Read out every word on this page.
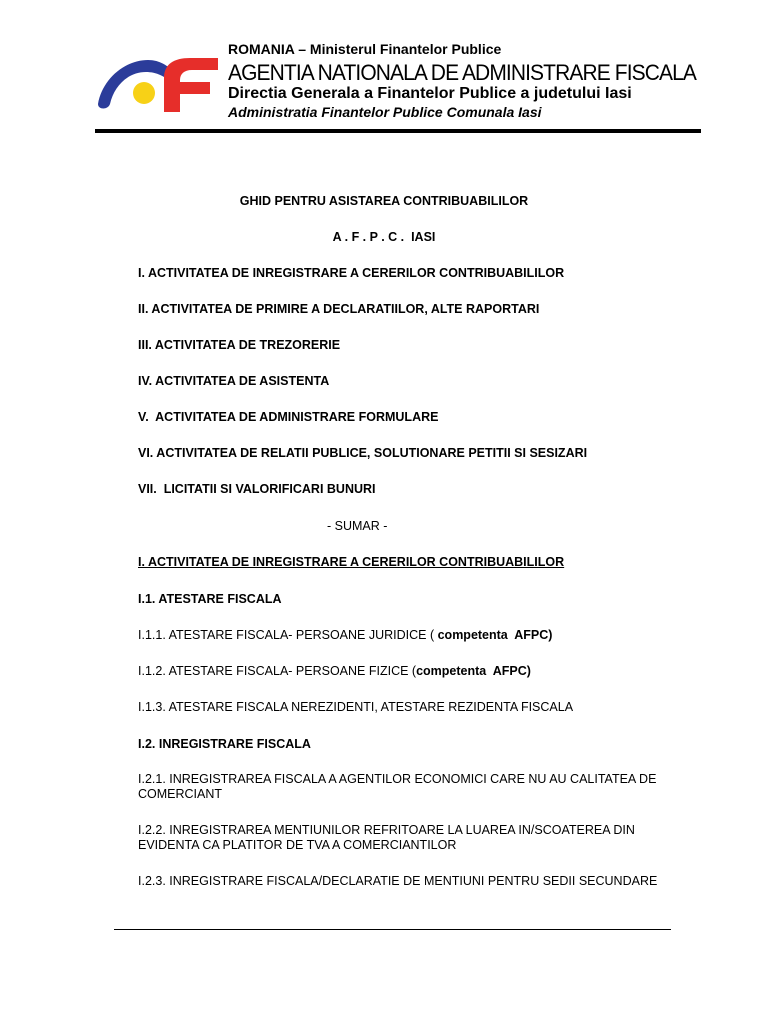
ROMANIA – Ministerul Finantelor Publice
AGENTIA NATIONALA DE ADMINISTRARE FISCALA
Directia Generala a Finantelor Publice a judetului Iasi
Administratia Finantelor Publice Comunala Iasi
GHID PENTRU ASISTAREA CONTRIBUABILILOR
A . F . P . C .  IASI
I. ACTIVITATEA DE INREGISTRARE A CERERILOR CONTRIBUABILILOR
II. ACTIVITATEA DE PRIMIRE A DECLARATIILOR, ALTE RAPORTARI
III. ACTIVITATEA DE TREZORERIE
IV. ACTIVITATEA DE ASISTENTA
V.  ACTIVITATEA DE ADMINISTRARE FORMULARE
VI. ACTIVITATEA DE RELATII PUBLICE, SOLUTIONARE PETITII SI SESIZARI
VII.  LICITATII SI VALORIFICARI BUNURI
- SUMAR -
I. ACTIVITATEA DE INREGISTRARE A CERERILOR CONTRIBUABILILOR
I.1. ATESTARE FISCALA
I.1.1. ATESTARE FISCALA- PERSOANE JURIDICE ( competenta  AFPC)
I.1.2. ATESTARE FISCALA- PERSOANE FIZICE (competenta  AFPC)
I.1.3. ATESTARE FISCALA NEREZIDENTI, ATESTARE REZIDENTA FISCALA
I.2. INREGISTRARE FISCALA
I.2.1. INREGISTRAREA FISCALA A AGENTILOR ECONOMICI CARE NU AU CALITATEA DE COMERCIANT
I.2.2. INREGISTRAREA MENTIUNILOR REFRITOARE LA LUAREA IN/SCOATEREA DIN EVIDENTA CA PLATITOR DE TVA A COMERCIANTILOR
I.2.3. INREGISTRARE FISCALA/DECLARATIE DE MENTIUNI PENTRU SEDII SECUNDARE
